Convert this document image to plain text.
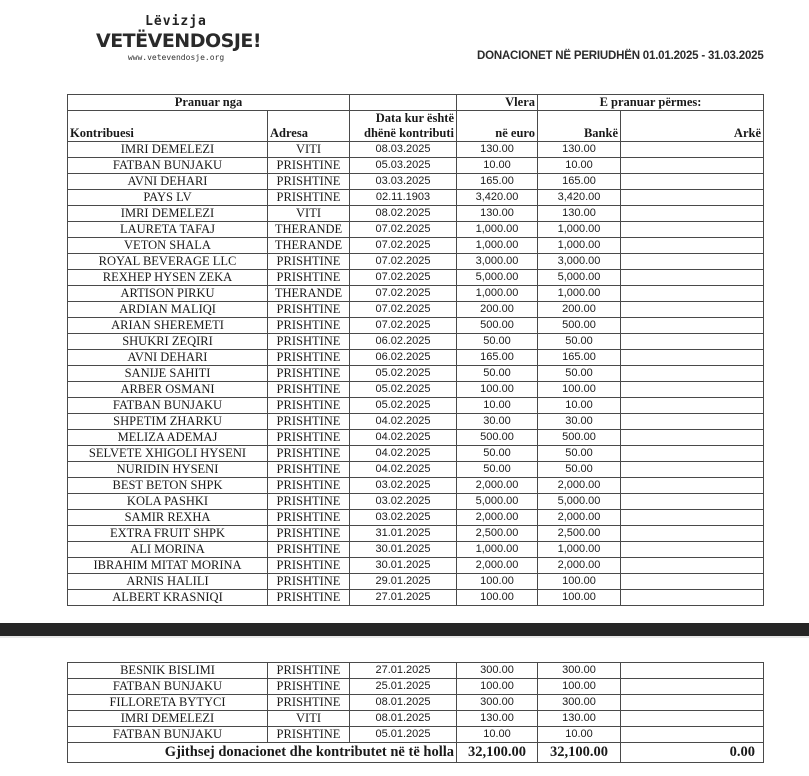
Lëvizja
VETËVENDOSJE!
www.vetevendosje.org	DONACIONET NË PERIUDHËN 01.01.2025 - 31.03.2025
Pranuar nga			Vlera	E pranuar përmes:	
Kontribuesi	Adresa	Data kur është
dhënë kontributi	në euro	Bankë	Arkë
IMRI DEMELEZI	VITI	08.03.2025	130.00	130.00	
FATBAN BUNJAKU	PRISHTINE	05.03.2025	10.00	10.00	
AVNI DEHARI	PRISHTINE	03.03.2025	165.00	165.00	
PAYS LV	PRISHTINE	02.11.1903	3,420.00	3,420.00	
IMRI DEMELEZI	VITI	08.02.2025	130.00	130.00	
LAURETA TAFAJ	THERANDE	07.02.2025	1,000.00	1,000.00	
VETON SHALA	THERANDE	07.02.2025	1,000.00	1,000.00	
ROYAL BEVERAGE LLC	PRISHTINE	07.02.2025	3,000.00	3,000.00	
REXHEP HYSEN ZEKA	PRISHTINE	07.02.2025	5,000.00	5,000.00	
ARTISON PIRKU	THERANDE	07.02.2025	1,000.00	1,000.00	
ARDIAN MALIQI	PRISHTINE	07.02.2025	200.00	200.00	
ARIAN SHEREMETI	PRISHTINE	07.02.2025	500.00	500.00	
SHUKRI ZEQIRI	PRISHTINE	06.02.2025	50.00	50.00	
AVNI DEHARI	PRISHTINE	06.02.2025	165.00	165.00	
SANIJE SAHITI	PRISHTINE	05.02.2025	50.00	50.00	
ARBER OSMANI	PRISHTINE	05.02.2025	100.00	100.00	
FATBAN BUNJAKU	PRISHTINE	05.02.2025	10.00	10.00	
SHPETIM ZHARKU	PRISHTINE	04.02.2025	30.00	30.00	
MELIZA ADEMAJ	PRISHTINE	04.02.2025	500.00	500.00	
SELVETE XHIGOLI HYSENI	PRISHTINE	04.02.2025	50.00	50.00	
NURIDIN HYSENI	PRISHTINE	04.02.2025	50.00	50.00	
BEST BETON SHPK	PRISHTINE	03.02.2025	2,000.00	2,000.00	
KOLA PASHKI	PRISHTINE	03.02.2025	5,000.00	5,000.00	
SAMIR REXHA	PRISHTINE	03.02.2025	2,000.00	2,000.00	
EXTRA FRUIT SHPK	PRISHTINE	31.01.2025	2,500.00	2,500.00	
ALI MORINA	PRISHTINE	30.01.2025	1,000.00	1,000.00	
IBRAHIM MITAT MORINA	PRISHTINE	30.01.2025	2,000.00	2,000.00	
ARNIS HALILI	PRISHTINE	29.01.2025	100.00	100.00	
ALBERT KRASNIQI	PRISHTINE	27.01.2025	100.00	100.00	
BESNIK BISLIMI	PRISHTINE	27.01.2025	300.00	300.00	
FATBAN BUNJAKU	PRISHTINE	25.01.2025	100.00	100.00	
FILLORETA BYTYCI	PRISHTINE	08.01.2025	300.00	300.00	
IMRI DEMELEZI	VITI	08.01.2025	130.00	130.00	
FATBAN BUNJAKU	PRISHTINE	05.01.2025	10.00	10.00	
Gjithsej donacionet dhe kontributet në të holla			32,100.00	32,100.00	0.00
